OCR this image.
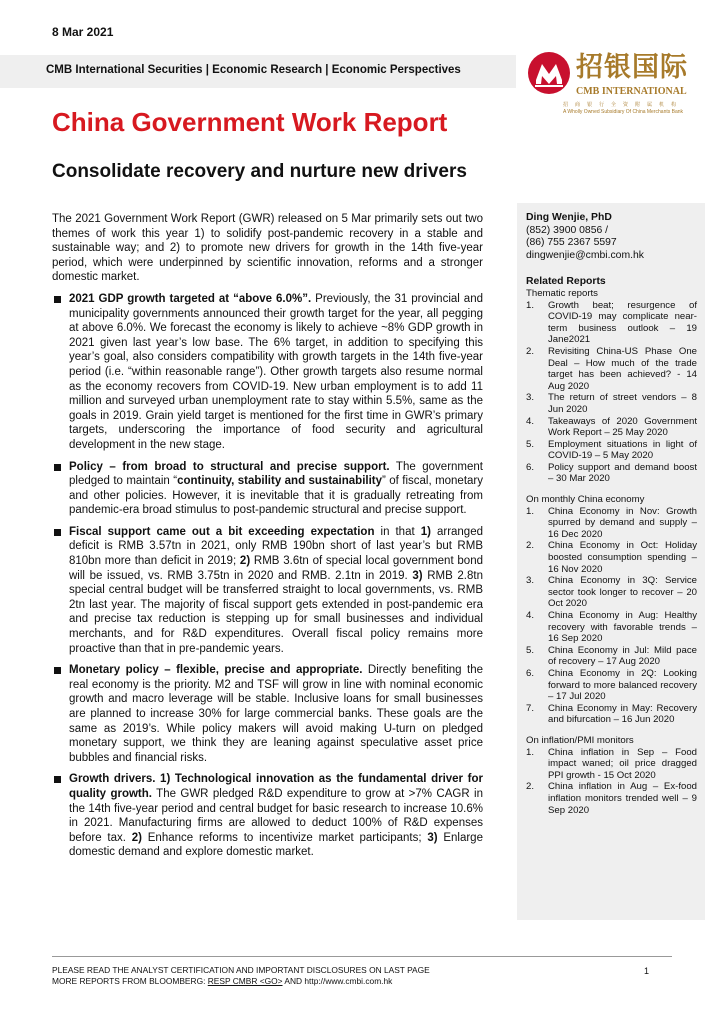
8 Mar 2021
CMB International Securities | Economic Research | Economic Perspectives	招银国际
CMB INTERNATIONAL
招商银行全资附属机构
A Wholly Owned Subsidiary Of China Merchants Bank
China Government Work Report
Consolidate recovery and nurture new drivers

The 2021 Government Work Report (GWR) released on 5 Mar primarily sets out two themes of work this year 1) to solidify post-pandemic recovery in a stable and sustainable way; and 2) to promote new drivers for growth in the 14th five-year period, which were underpinned by scientific innovation, reforms and a stronger domestic market.

2021 GDP growth targeted at “above 6.0%”. Previously, the 31 provincial and municipality governments announced their growth target for the year, all pegging at above 6.0%. We forecast the economy is likely to achieve ~8% GDP growth in 2021 given last year’s low base. The 6% target, in addition to specifying this year’s goal, also considers compatibility with growth targets in the 14th five-year period (i.e. “within reasonable range”). Other growth targets also resume normal as the economy recovers from COVID-19. New urban employment is to add 11 million and surveyed urban unemployment rate to stay within 5.5%, same as the goals in 2019. Grain yield target is mentioned for the first time in GWR’s primary targets, underscoring the importance of food security and agricultural development in the new stage.

Policy – from broad to structural and precise support. The government pledged to maintain “continuity, stability and sustainability” of fiscal, monetary and other policies. However, it is inevitable that it is gradually retreating from pandemic-era broad stimulus to post-pandemic structural and precise support.

Fiscal support came out a bit exceeding expectation in that 1) arranged deficit is RMB 3.57tn in 2021, only RMB 190bn short of last year’s but RMB 810bn more than deficit in 2019; 2) RMB 3.6tn of special local government bond will be issued, vs. RMB 3.75tn in 2020 and RMB. 2.1tn in 2019. 3) RMB 2.8tn special central budget will be transferred straight to local governments, vs. RMB 2tn last year. The majority of fiscal support gets extended in post-pandemic era and precise tax reduction is stepping up for small businesses and individual merchants, and for R&D expenditures. Overall fiscal policy remains more proactive than that in pre-pandemic years.

Monetary policy – flexible, precise and appropriate. Directly benefiting the real economy is the priority. M2 and TSF will grow in line with nominal economic growth and macro leverage will be stable. Inclusive loans for small businesses are planned to increase 30% for large commercial banks. These goals are the same as 2019’s. While policy makers will avoid making U-turn on pledged monetary support, we think they are leaning against speculative asset price bubbles and financial risks.

Growth drivers. 1) Technological innovation as the fundamental driver for quality growth. The GWR pledged R&D expenditure to grow at >7% CAGR in the 14th five-year period and central budget for basic research to increase 10.6% in 2021. Manufacturing firms are allowed to deduct 100% of R&D expenses before tax. 2) Enhance reforms to incentivize market participants; 3) Enlarge domestic demand and explore domestic market.

Ding Wenjie, PhD
(852) 3900 0856 /
(86) 755 2367 5597
dingwenjie@cmbi.com.hk
Related Reports
Thematic reports
1. Growth beat; resurgence of COVID-19 may complicate near-term business outlook – 19 Jane2021
2. Revisiting China-US Phase One Deal – How much of the trade target has been achieved? - 14 Aug 2020
3. The return of street vendors – 8 Jun 2020
4. Takeaways of 2020 Government Work Report – 25 May 2020
5. Employment situations in light of COVID-19 – 5 May 2020
6. Policy support and demand boost – 30 Mar 2020
On monthly China economy
1. China Economy in Nov: Growth spurred by demand and supply – 16 Dec 2020
2. China Economy in Oct: Holiday boosted consumption spending – 16 Nov 2020
3. China Economy in 3Q: Service sector took longer to recover – 20 Oct 2020
4. China Economy in Aug: Healthy recovery with favorable trends – 16 Sep 2020
5. China Economy in Jul: Mild pace of recovery – 17 Aug 2020
6. China Economy in 2Q: Looking forward to more balanced recovery – 17 Jul 2020
7. China Economy in May: Recovery and bifurcation – 16 Jun 2020
On inflation/PMI monitors
1. China inflation in Sep – Food impact waned; oil price dragged PPI growth - 15 Oct 2020
2. China inflation in Aug – Ex-food inflation monitors trended well – 9 Sep 2020
PLEASE READ THE ANALYST CERTIFICATION AND IMPORTANT DISCLOSURES ON LAST PAGE
MORE REPORTS FROM BLOOMBERG: RESP CMBR <GO> AND http://www.cmbi.com.hk
1
